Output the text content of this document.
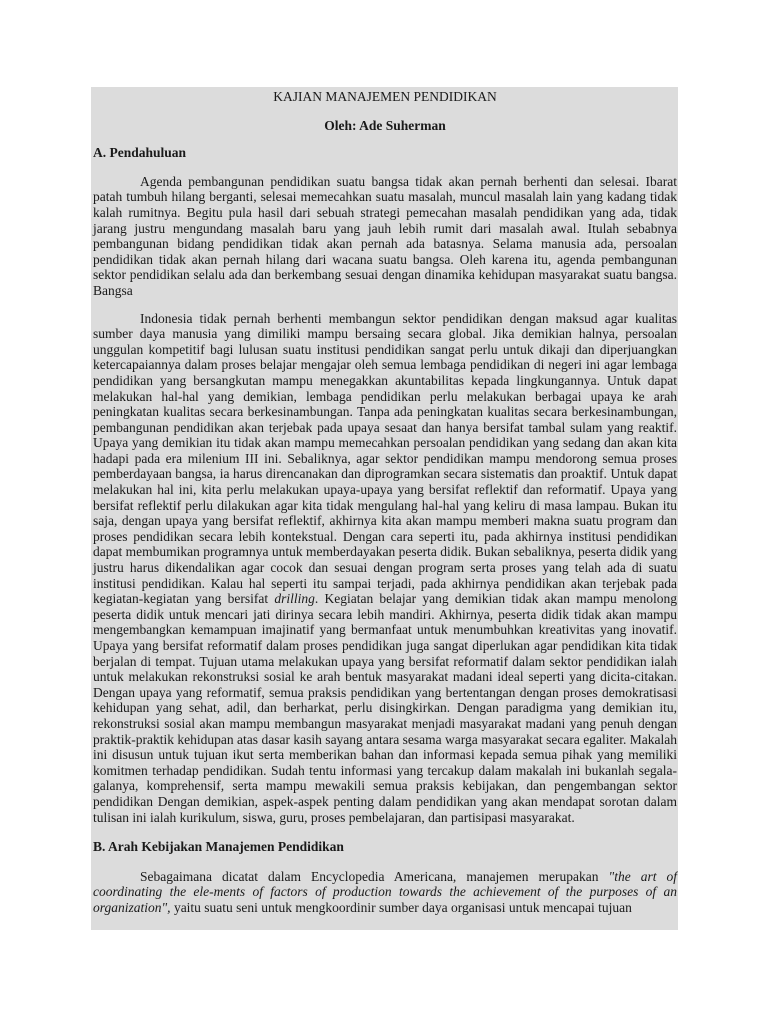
KAJIAN MANAJEMEN PENDIDIKAN
Oleh: Ade Suherman
A. Pendahuluan
Agenda pembangunan pendidikan suatu bangsa tidak akan pernah berhenti dan selesai. Ibarat patah tumbuh hilang berganti, selesai memecahkan suatu masalah, muncul masalah lain yang kadang tidak kalah rumitnya. Begitu pula hasil dari sebuah strategi pemecahan masalah pendidikan yang ada, tidak jarang justru mengundang masalah baru yang jauh lebih rumit dari masalah awal. Itulah sebabnya pembangunan bidang pendidikan tidak akan pernah ada batasnya. Selama manusia ada, persoalan pendidikan tidak akan pernah hilang dari wacana suatu bangsa. Oleh karena itu, agenda pembangunan sektor pendidikan selalu ada dan berkembang sesuai dengan dinamika kehidupan masyarakat suatu bangsa. Bangsa
Indonesia tidak pernah berhenti membangun sektor pendidikan dengan maksud agar kualitas sumber daya manusia yang dimiliki mampu bersaing secara global. Jika demikian halnya, persoalan unggulan kompetitif bagi lulusan suatu institusi pendidikan sangat perlu untuk dikaji dan diperjuangkan ketercapaiannya dalam proses belajar mengajar oleh semua lembaga pendidikan di negeri ini agar lembaga pendidikan yang bersangkutan mampu menegakkan akuntabilitas kepada lingkungannya. Untuk dapat melakukan hal-hal yang demikian, lembaga pendidikan perlu melakukan berbagai upaya ke arah peningkatan kualitas secara berkesinambungan. Tanpa ada peningkatan kualitas secara berkesinambungan, pembangunan pendidikan akan terjebak pada upaya sesaat dan hanya bersifat tambal sulam yang reaktif. Upaya yang demikian itu tidak akan mampu memecahkan persoalan pendidikan yang sedang dan akan kita hadapi pada era milenium III ini. Sebaliknya, agar sektor pendidikan mampu mendorong semua proses pemberdayaan bangsa, ia harus direncanakan dan diprogramkan secara sistematis dan proaktif. Untuk dapat melakukan hal ini, kita perlu melakukan upaya-upaya yang bersifat reflektif dan reformatif. Upaya yang bersifat reflektif perlu dilakukan agar kita tidak mengulang hal-hal yang keliru di masa lampau. Bukan itu saja, dengan upaya yang bersifat reflektif, akhirnya kita akan mampu memberi makna suatu program dan proses pendidikan secara lebih kontekstual. Dengan cara seperti itu, pada akhirnya institusi pendidikan dapat membumikan programnya untuk memberdayakan peserta didik. Bukan sebaliknya, peserta didik yang justru harus dikendalikan agar cocok dan sesuai dengan program serta proses yang telah ada di suatu institusi pendidikan. Kalau hal seperti itu sampai terjadi, pada akhirnya pendidikan akan terjebak pada kegiatan-kegiatan yang bersifat drilling. Kegiatan belajar yang demikian tidak akan mampu menolong peserta didik untuk mencari jati dirinya secara lebih mandiri. Akhirnya, peserta didik tidak akan mampu mengembangkan kemampuan imajinatif yang bermanfaat untuk menumbuhkan kreativitas yang inovatif. Upaya yang bersifat reformatif dalam proses pendidikan juga sangat diperlukan agar pendidikan kita tidak berjalan di tempat. Tujuan utama melakukan upaya yang bersifat reformatif dalam sektor pendidikan ialah untuk melakukan rekonstruksi sosial ke arah bentuk masyarakat madani ideal seperti yang dicita-citakan. Dengan upaya yang reformatif, semua praksis pendidikan yang bertentangan dengan proses demokratisasi kehidupan yang sehat, adil, dan berharkat, perlu disingkirkan. Dengan paradigma yang demikian itu, rekonstruksi sosial akan mampu membangun masyarakat menjadi masyarakat madani yang penuh dengan praktik-praktik kehidupan atas dasar kasih sayang antara sesama warga masyarakat secara egaliter. Makalah ini disusun untuk tujuan ikut serta memberikan bahan dan informasi kepada semua pihak yang memiliki komitmen terhadap pendidikan. Sudah tentu informasi yang tercakup dalam makalah ini bukanlah segala-galanya, komprehensif, serta mampu mewakili semua praksis kebijakan, dan pengembangan sektor pendidikan Dengan demikian, aspek-aspek penting dalam pendidikan yang akan mendapat sorotan dalam tulisan ini ialah kurikulum, siswa, guru, proses pembelajaran, dan partisipasi masyarakat.
B. Arah Kebijakan Manajemen Pendidikan
Sebagaimana dicatat dalam Encyclopedia Americana, manajemen merupakan "the art of coordinating the ele-ments of factors of production towards the achievement of the purposes of an organization", yaitu suatu seni untuk mengkoordinir sumber daya organisasi untuk mencapai tujuan
